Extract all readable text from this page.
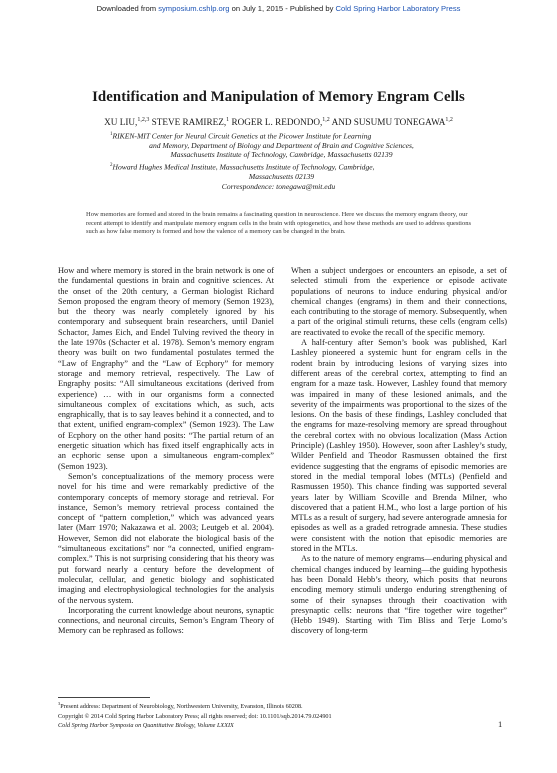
Downloaded from symposium.cshlp.org on July 1, 2015 - Published by Cold Spring Harbor Laboratory Press
Identification and Manipulation of Memory Engram Cells
XU LIU,$^{1,2,3}$ STEVE RAMIREZ,$^1$ ROGER L. REDONDO,$^{1,2}$ AND SUSUMU TONEGAWA$^{1,2}$
$^1$RIKEN-MIT Center for Neural Circuit Genetics at the Picower Institute for Learning
and Memory, Department of Biology and Department of Brain and Cognitive Sciences,
Massachusetts Institute of Technology, Cambridge, Massachusetts 02139
$^2$Howard Hughes Medical Institute, Massachusetts Institute of Technology, Cambridge,
Massachusetts 02139
Correspondence: tonegawa@mit.edu
How memories are formed and stored in the brain remains a fascinating question in neuroscience. Here we discuss the memory engram theory, our recent attempt to identify and manipulate memory engram cells in the brain with optogenetics, and how these methods are used to address questions such as how false memory is formed and how the valence of a memory can be changed in the brain.

How and where memory is stored in the brain network is one of the fundamental questions in brain and cognitive sciences. At the onset of the 20th century, a German biologist Richard Semon proposed the engram theory of memory (Semon 1923), but the theory was nearly completely ignored by his contemporary and subsequent brain researchers, until Daniel Schactor, James Eich, and Endel Tulving revived the theory in the late 1970s (Schacter et al. 1978). Semon’s memory engram theory was built on two fundamental postulates termed the “Law of Engraphy” and the “Law of Ecphory” for memory storage and memory retrieval, respectively. The Law of Engraphy posits: “All simultaneous excitations (derived from experience) … with in our organisms form a connected simultaneous complex of excitations which, as such, acts engraphically, that is to say leaves behind it a connected, and to that extent, unified engram-complex” (Semon 1923). The Law of Ecphory on the other hand posits: “The partial return of an energetic situation which has fixed itself engraphically acts in an ecphoric sense upon a simultaneous engram-complex” (Semon 1923).

Semon’s conceptualizations of the memory process were novel for his time and were remarkably predictive of the contemporary concepts of memory storage and retrieval. For instance, Semon’s memory retrieval process contained the concept of “pattern completion,” which was advanced years later (Marr 1970; Nakazawa et al. 2003; Leutgeb et al. 2004). However, Semon did not elaborate the biological basis of the “simultaneous excitations” nor “a connected, unified engram-complex.” This is not surprising considering that his theory was put forward nearly a century before the development of molecular, cellular, and genetic biology and sophisticated imaging and electrophysiological technologies for the analysis of the nervous system.

Incorporating the current knowledge about neurons, synaptic connections, and neuronal circuits, Semon’s Engram Theory of Memory can be rephrased as follows:

When a subject undergoes or encounters an episode, a set of selected stimuli from the experience or episode activate populations of neurons to induce enduring physical and/or chemical changes (engrams) in them and their connections, each contributing to the storage of memory. Subsequently, when a part of the original stimuli returns, these cells (engram cells) are reactivated to evoke the recall of the specific memory.

A half-century after Semon’s book was published, Karl Lashley pioneered a systemic hunt for engram cells in the rodent brain by introducing lesions of varying sizes into different areas of the cerebral cortex, attempting to find an engram for a maze task. However, Lashley found that memory was impaired in many of these lesioned animals, and the severity of the impairments was proportional to the sizes of the lesions. On the basis of these findings, Lashley concluded that the engrams for maze-resolving memory are spread throughout the cerebral cortex with no obvious localization (Mass Action Principle) (Lashley 1950). However, soon after Lashley’s study, Wilder Penfield and Theodor Rasmussen obtained the first evidence suggesting that the engrams of episodic memories are stored in the medial temporal lobes (MTLs) (Penfield and Rasmussen 1950). This chance finding was supported several years later by William Scoville and Brenda Milner, who discovered that a patient H.M., who lost a large portion of his MTLs as a result of surgery, had severe anterograde amnesia for episodes as well as a graded retrograde amnesia. These studies were consistent with the notion that episodic memories are stored in the MTLs.

As to the nature of memory engrams—enduring physical and chemical changes induced by learning—the guiding hypothesis has been Donald Hebb’s theory, which posits that neurons encoding memory stimuli undergo enduring strengthening of some of their synapses through their coactivation with presynaptic cells: neurons that “fire together wire together” (Hebb 1949). Starting with Tim Bliss and Terje Lomo’s discovery of long-term

$^3$Present address: Department of Neurobiology, Northwestern University, Evanston, Illinois 60208.
Copyright © 2014 Cold Spring Harbor Laboratory Press; all rights reserved; doi: 10.1101/sqb.2014.79.024901
Cold Spring Harbor Symposia on Quantitative Biology, Volume LXXIX	1
